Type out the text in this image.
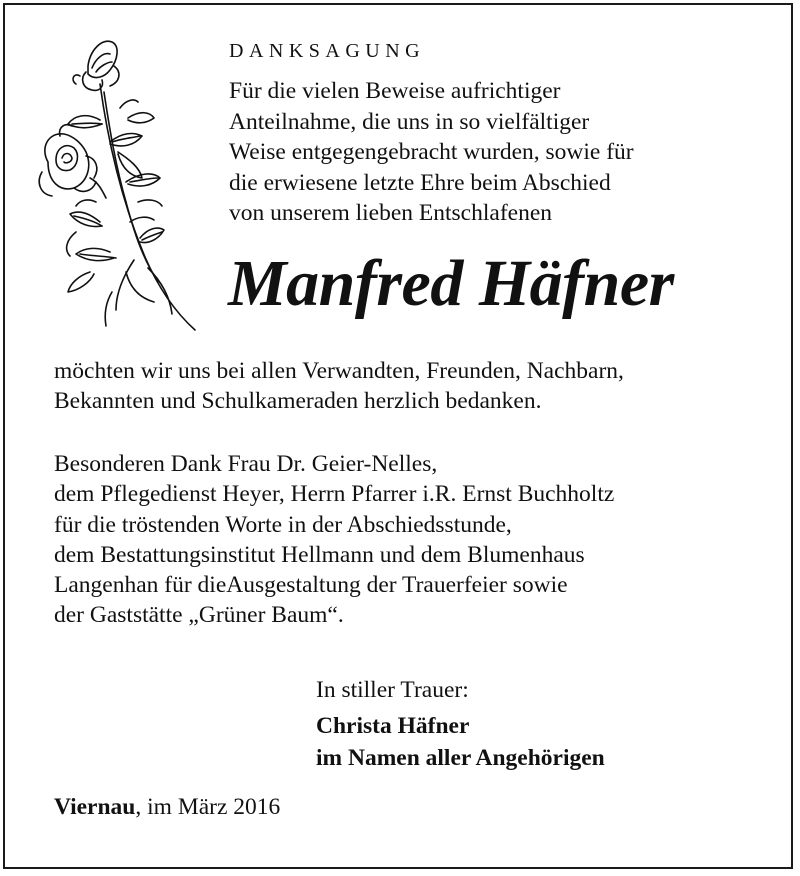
DANKSAGUNG
Für die vielen Beweise aufrichtiger
Anteilnahme, die uns in so vielfältiger
Weise entgegengebracht wurden, sowie für
die erwiesene letzte Ehre beim Abschied
von unserem lieben Entschlafenen
Manfred Häfner
möchten wir uns bei allen Verwandten, Freunden, Nachbarn,
Bekannten und Schulkameraden herzlich bedanken.
Besonderen Dank Frau Dr. Geier-Nelles,
dem Pflegedienst Heyer, Herrn Pfarrer i.R. Ernst Buchholtz
für die tröstenden Worte in der Abschiedsstunde,
dem Bestattungsinstitut Hellmann und dem Blumenhaus
Langenhan für dieAusgestaltung der Trauerfeier sowie
der Gaststätte „Grüner Baum“.
In stiller Trauer:
Christa Häfner
im Namen aller Angehörigen
Viernau, im März 2016
